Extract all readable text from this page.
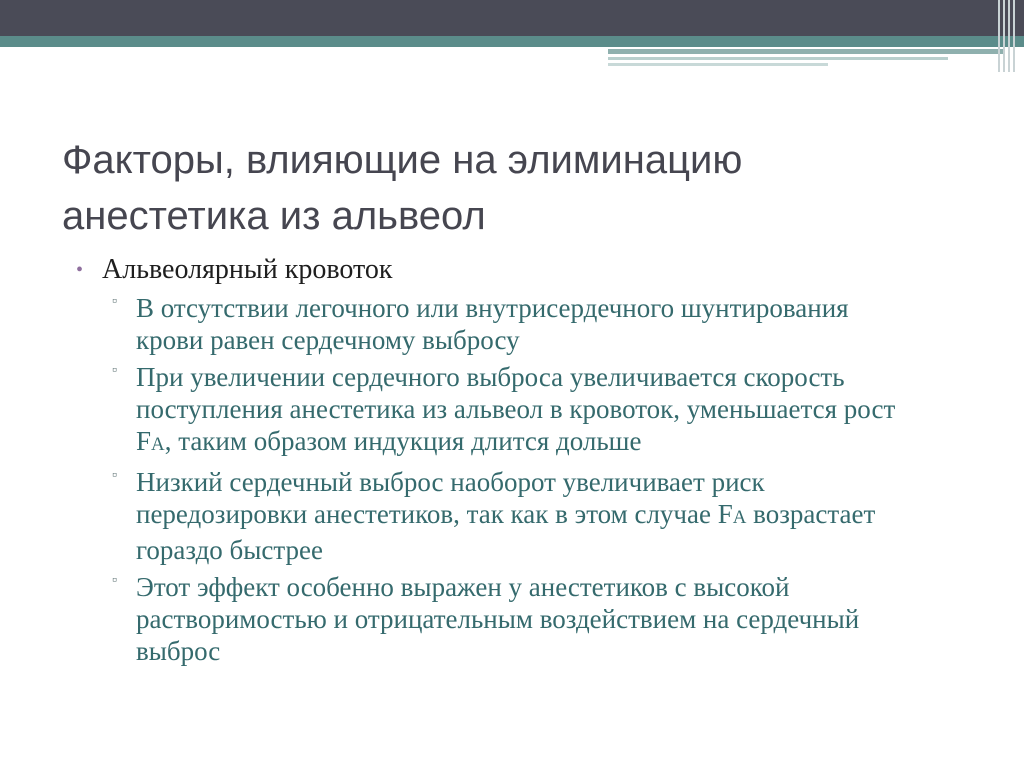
Факторы, влияющие на элиминацию
анестетика из альвеол
• Альвеолярный кровоток
▫ В отсутствии легочного или внутрисердечного шунтирования крови равен сердечному выбросу
▫ При увеличении сердечного выброса увеличивается скорость поступления анестетика из альвеол в кровоток, уменьшается рост FA, таким образом индукция длится дольше
▫ Низкий сердечный выброс наоборот увеличивает риск передозировки анестетиков, так как в этом случае FA возрастает гораздо быстрее
▫ Этот эффект особенно выражен у анестетиков с высокой растворимостью и отрицательным воздействием на сердечный выброс
